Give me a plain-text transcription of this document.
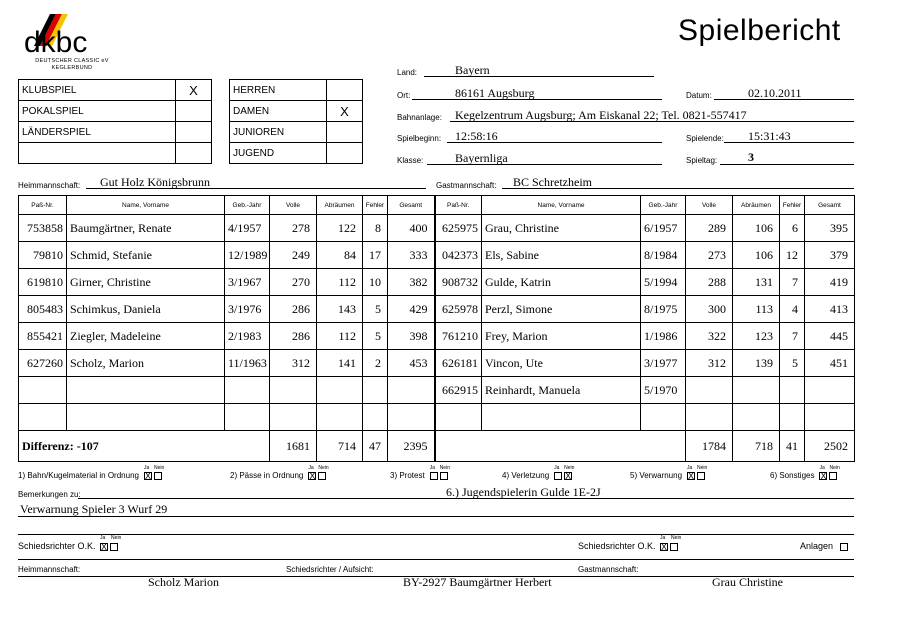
dkbc
DEUTSCHER CLASSIC eV
KEGLERBUND
Spielbericht
KLUBSPIEL	X
POKALSPIEL	
LÄNDERSPIEL	

HERREN	
DAMEN	X
JUNIOREN	
JUGEND	
Land:	Bayern
Ort:	86161 Augsburg	Datum:	02.10.2011
Bahnanlage: Kegelzentrum Augsburg; Am Eiskanal 22; Tel. 0821-557417
Spielbeginn: 12:58:16	Spielende: 15:31:43
Klasse:	Bayernliga	Spieltag:	3
Heimmannschaft: Gut Holz Königsbrunn	Gastmannschaft: BC Schretzheim
Paß-Nr.	Name, Vorname	Geb.-Jahr	Volle	Abräumen	Fehler	Gesamt	Paß-Nr.	Name, Vorname	Geb.-Jahr	Volle	Abräumen	Fehler	Gesamt
753858	Baumgärtner, Renate	4/1957	278	122	8	400	625975	Grau, Christine	6/1957	289	106	6	395
79810	Schmid, Stefanie	12/1989	249	84	17	333	042373	Els, Sabine	8/1984	273	106	12	379
619810	Girner, Christine	3/1967	270	112	10	382	908732	Gulde, Katrin	5/1994	288	131	7	419
805483	Schimkus, Daniela	3/1976	286	143	5	429	625978	Perzl, Simone	8/1975	300	113	4	413
855421	Ziegler, Madeleine	2/1983	286	112	5	398	761210	Frey, Marion	1/1986	322	123	7	445
627260	Scholz, Marion	11/1963	312	141	2	453	626181	Vincon, Ute	3/1977	312	139	5	451
							662915	Reinhardt, Manuela	5/1970				

Differenz: -107			1681	714	47	2395				1784	718	41	2502
1) Bahn/Kugelmaterial in Ordnung
Ja Nein
X	2) Pässe in Ordnung
Ja Nein
X	3) Protest
Ja Nein
4) Verletzung
Ja Nein
X	5) Verwarnung
Ja Nein
X	6) Sonstiges
Ja Nein
X
Bemerkungen zu:	6.) Jugendspielerin Gulde 1E-2J
Verwarnung Spieler 3 Wurf 29
Schiedsrichter O.K.
Ja Nein
X	Schiedsrichter O.K.
Ja Nein
X	Anlagen
Heimmannschaft:	Schiedsrichter / Aufsicht:	Gastmannschaft:
Scholz Marion	BY-2927 Baumgärtner Herbert	Grau Christine
